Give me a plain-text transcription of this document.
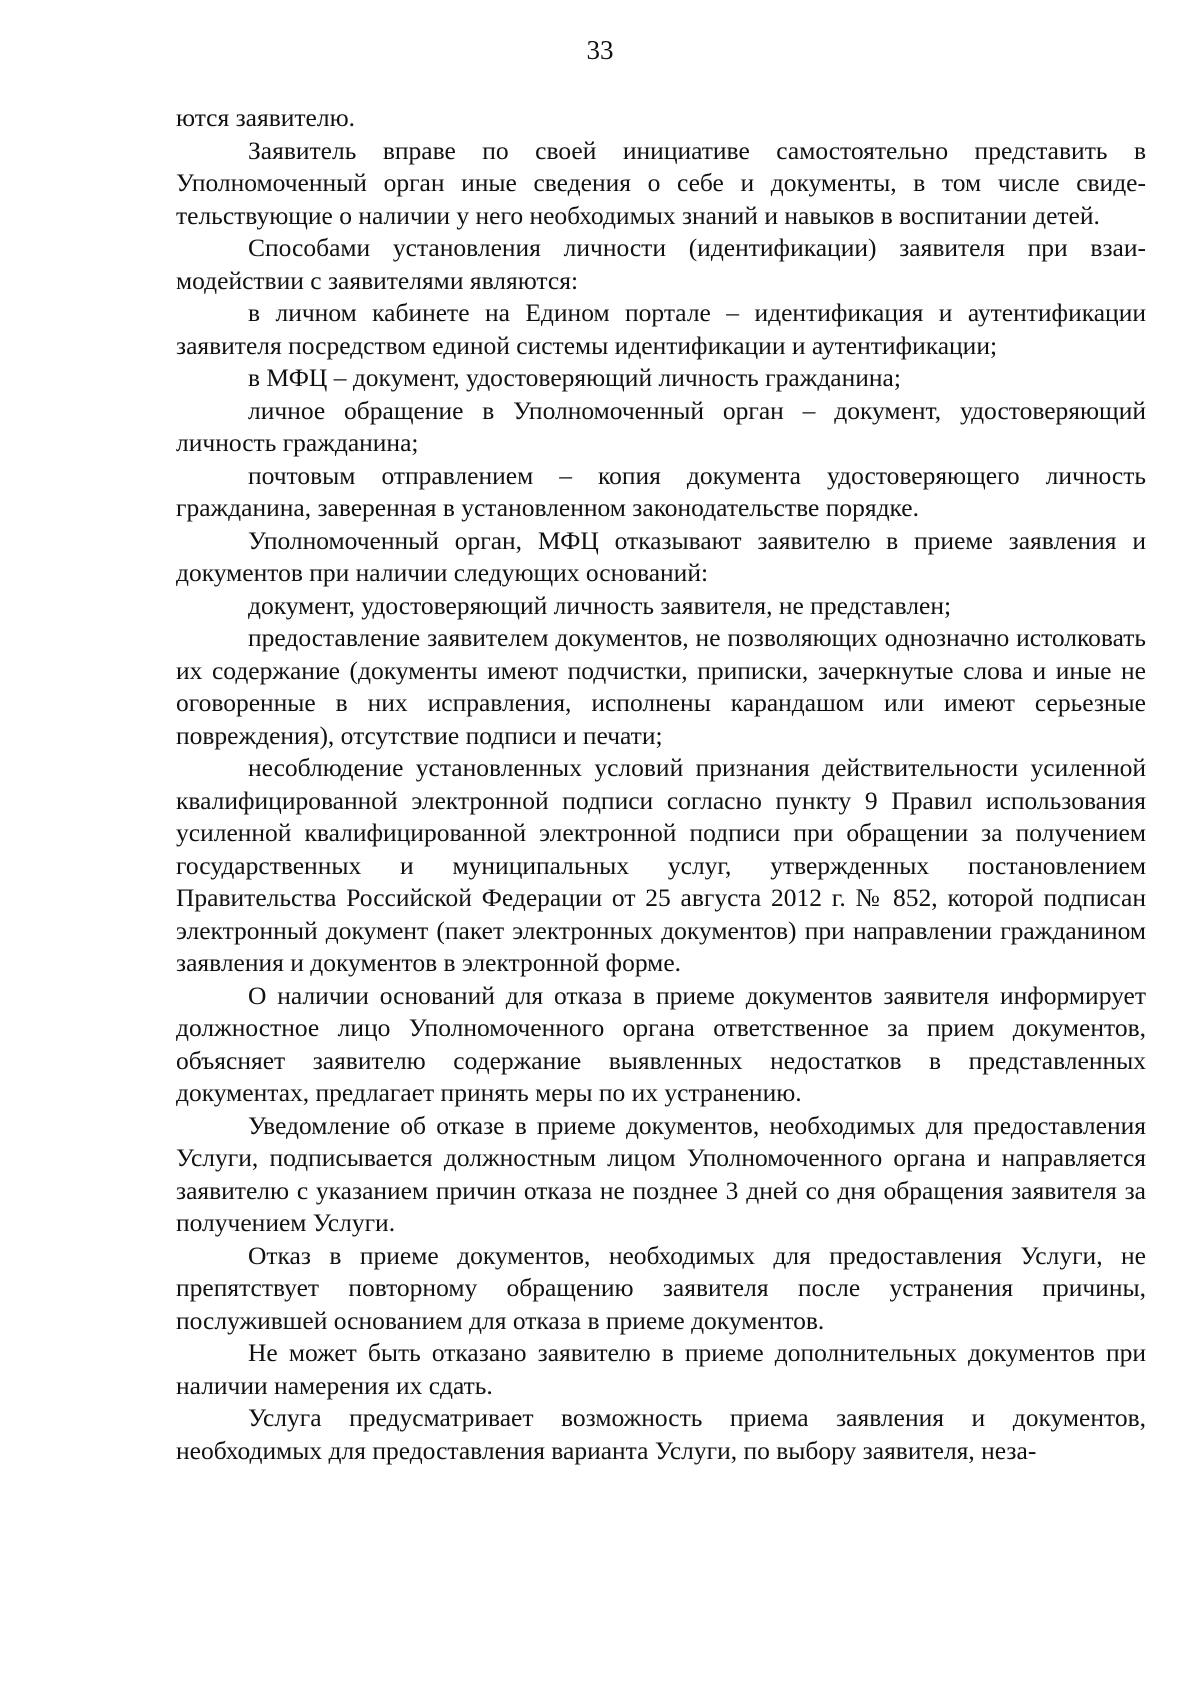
33

ются заявителю.

Заявитель вправе по своей инициативе самостоятельно представить в Уполномоченный орган иные сведения о себе и документы, в том числе свидетельствующие о наличии у него необходимых знаний и навыков в воспитании детей.

Способами установления личности (идентификации) заявителя при взаимодействии с заявителями являются:

в личном кабинете на Едином портале – идентификация и аутентификации заявителя посредством единой системы идентификации и аутентификации;

в МФЦ – документ, удостоверяющий личность гражданина;

личное обращение в Уполномоченный орган – документ, удостоверяющий личность гражданина;

почтовым отправлением – копия документа удостоверяющего личность гражданина, заверенная в установленном законодательстве порядке.

Уполномоченный орган, МФЦ отказывают заявителю в приеме заявления и документов при наличии следующих оснований:

документ, удостоверяющий личность заявителя, не представлен;

предоставление заявителем документов, не позволяющих однозначно истолковать их содержание (документы имеют подчистки, приписки, зачеркнутые слова и иные не оговоренные в них исправления, исполнены карандашом или имеют серьезные повреждения), отсутствие подписи и печати;

несоблюдение установленных условий признания действительности усиленной квалифицированной электронной подписи согласно пункту 9 Правил использования усиленной квалифицированной электронной подписи при обращении за получением государственных и муниципальных услуг, утвержденных постановлением Правительства Российской Федерации от 25 августа 2012 г. № 852, которой подписан электронный документ (пакет электронных документов) при направлении гражданином заявления и документов в электронной форме.

О наличии оснований для отказа в приеме документов заявителя информирует должностное лицо Уполномоченного органа ответственное за прием документов, объясняет заявителю содержание выявленных недостатков в представленных документах, предлагает принять меры по их устранению.

Уведомление об отказе в приеме документов, необходимых для предоставления Услуги, подписывается должностным лицом Уполномоченного органа и направляется заявителю с указанием причин отказа не позднее 3 дней со дня обращения заявителя за получением Услуги.

Отказ в приеме документов, необходимых для предоставления Услуги, не препятствует повторному обращению заявителя после устранения причины, послужившей основанием для отказа в приеме документов.

Не может быть отказано заявителю в приеме дополнительных документов при наличии намерения их сдать.

Услуга предусматривает возможность приема заявления и документов, необходимых для предоставления варианта Услуги, по выбору заявителя, неза-
